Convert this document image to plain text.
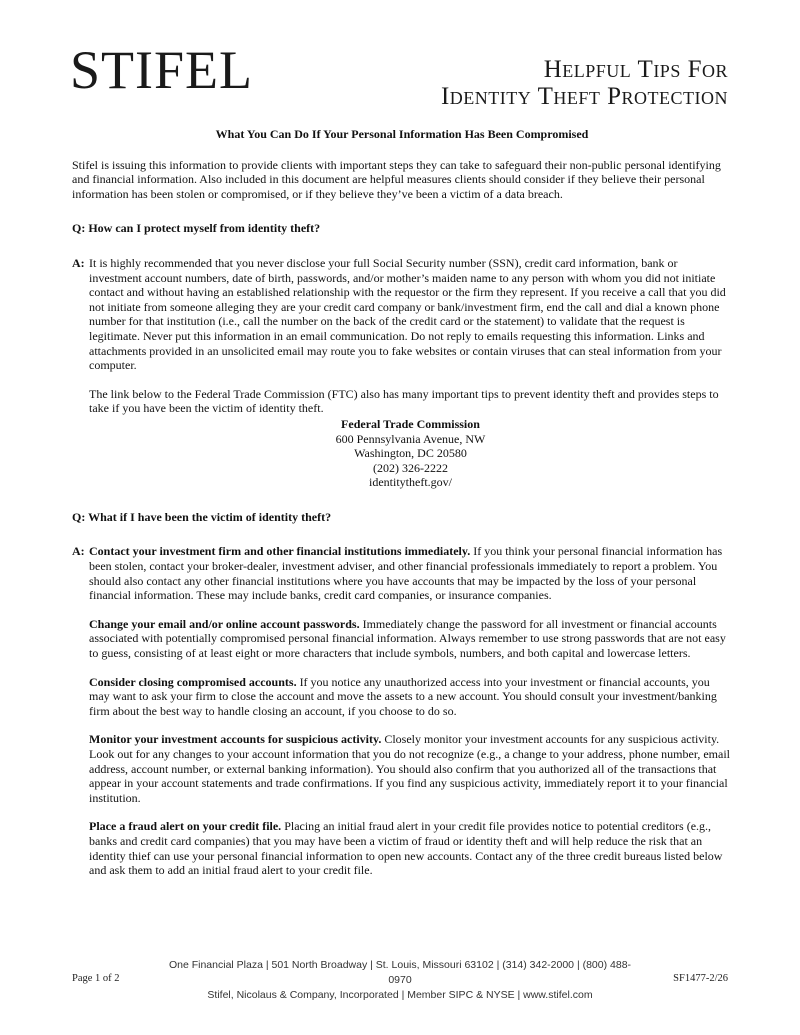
STIFEL	Helpful Tips For
Identity Theft Protection

What You Can Do If Your Personal Information Has Been Compromised

Stifel is issuing this information to provide clients with important steps they can take to safeguard their non-public personal identifying and financial information. Also included in this document are helpful measures clients should consider if they believe their personal information has been stolen or compromised, or if they believe they’ve been a victim of a data breach.

Q: How can I protect myself from identity theft?

A: It is highly recommended that you never disclose your full Social Security number (SSN), credit card information, bank or investment account numbers, date of birth, passwords, and/or mother’s maiden name to any person with whom you did not initiate contact and without having an established relationship with the requestor or the firm they represent. If you receive a call that you did not initiate from someone alleging they are your credit card company or bank/investment firm, end the call and dial a known phone number for that institution (i.e., call the number on the back of the credit card or the statement) to validate that the request is legitimate. Never put this information in an email communication. Do not reply to emails requesting this information. Links and attachments provided in an unsolicited email may route you to fake websites or contain viruses that can steal information from your computer.

The link below to the Federal Trade Commission (FTC) also has many important tips to prevent identity theft and provides steps to take if you have been the victim of identity theft.

Federal Trade Commission
600 Pennsylvania Avenue, NW
Washington, DC 20580
(202) 326-2222
identitytheft.gov/

Q: What if I have been the victim of identity theft?

A: Contact your investment firm and other financial institutions immediately. If you think your personal financial information has been stolen, contact your broker-dealer, investment adviser, and other financial professionals immediately to report a problem. You should also contact any other financial institutions where you have accounts that may be impacted by the loss of your personal financial information. These may include banks, credit card companies, or insurance companies.

Change your email and/or online account passwords. Immediately change the password for all investment or financial accounts associated with potentially compromised personal financial information. Always remember to use strong passwords that are not easy to guess, consisting of at least eight or more characters that include symbols, numbers, and both capital and lowercase letters.

Consider closing compromised accounts. If you notice any unauthorized access into your investment or financial accounts, you may want to ask your firm to close the account and move the assets to a new account. You should consult your investment/banking firm about the best way to handle closing an account, if you choose to do so.

Monitor your investment accounts for suspicious activity. Closely monitor your investment accounts for any suspicious activity. Look out for any changes to your account information that you do not recognize (e.g., a change to your address, phone number, email address, account number, or external banking information). You should also confirm that you authorized all of the transactions that appear in your account statements and trade confirmations. If you find any suspicious activity, immediately report it to your financial institution.

Place a fraud alert on your credit file. Placing an initial fraud alert in your credit file provides notice to potential creditors (e.g., banks and credit card companies) that you may have been a victim of fraud or identity theft and will help reduce the risk that an identity thief can use your personal financial information to open new accounts. Contact any of the three credit bureaus listed below and ask them to add an initial fraud alert to your credit file.

One Financial Plaza | 501 North Broadway | St. Louis, Missouri 63102 | (314) 342-2000 | (800) 488-0970
Stifel, Nicolaus & Company, Incorporated | Member SIPC & NYSE | www.stifel.com
Page 1 of 2	SF1477-2/26
